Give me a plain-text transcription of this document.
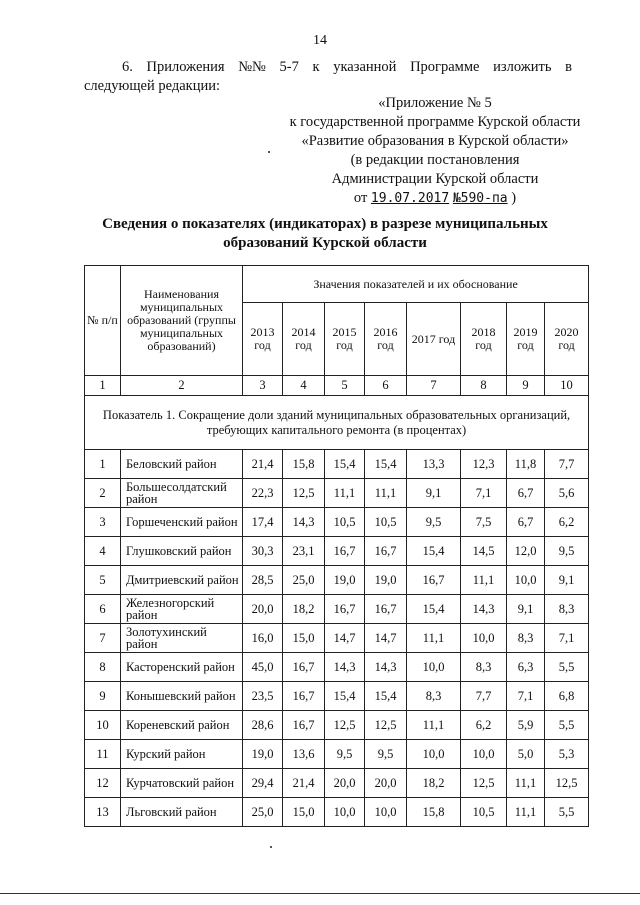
14
6. Приложения №№ 5-7 к указанной Программе изложить в
следующей редакции:
«Приложение № 5
к государственной программе Курской области
«Развитие образования в Курской области»
(в редакции постановления
Администрации Курской области
от 19.07.2017 №590-па )
Сведения о показателях (индикаторах) в разрезе муниципальных
образований Курской области
№ п/п	Наименования муниципальных образований (группы муниципальных образований)	Значения показателей и их обоснование							
		2013 год	2014 год	2015 год	2016 год	2017 год	2018 год	2019 год	2020 год
1	2	3	4	5	6	7	8	9	10
Показатель 1. Сокращение доли зданий муниципальных образовательных организаций, требующих капитального ремонта (в процентах)									
1	Беловский район	21,4	15,8	15,4	15,4	13,3	12,3	11,8	7,7
2	Большесолдатский район	22,3	12,5	11,1	11,1	9,1	7,1	6,7	5,6
3	Горшеченский район	17,4	14,3	10,5	10,5	9,5	7,5	6,7	6,2
4	Глушковский район	30,3	23,1	16,7	16,7	15,4	14,5	12,0	9,5
5	Дмитриевский район	28,5	25,0	19,0	19,0	16,7	11,1	10,0	9,1
6	Железногорский район	20,0	18,2	16,7	16,7	15,4	14,3	9,1	8,3
7	Золотухинский район	16,0	15,0	14,7	14,7	11,1	10,0	8,3	7,1
8	Касторенский район	45,0	16,7	14,3	14,3	10,0	8,3	6,3	5,5
9	Конышевский район	23,5	16,7	15,4	15,4	8,3	7,7	7,1	6,8
10	Кореневский район	28,6	16,7	12,5	12,5	11,1	6,2	5,9	5,5
11	Курский район	19,0	13,6	9,5	9,5	10,0	10,0	5,0	5,3
12	Курчатовский район	29,4	21,4	20,0	20,0	18,2	12,5	11,1	12,5
13	Льговский район	25,0	15,0	10,0	10,0	15,8	10,5	11,1	5,5
